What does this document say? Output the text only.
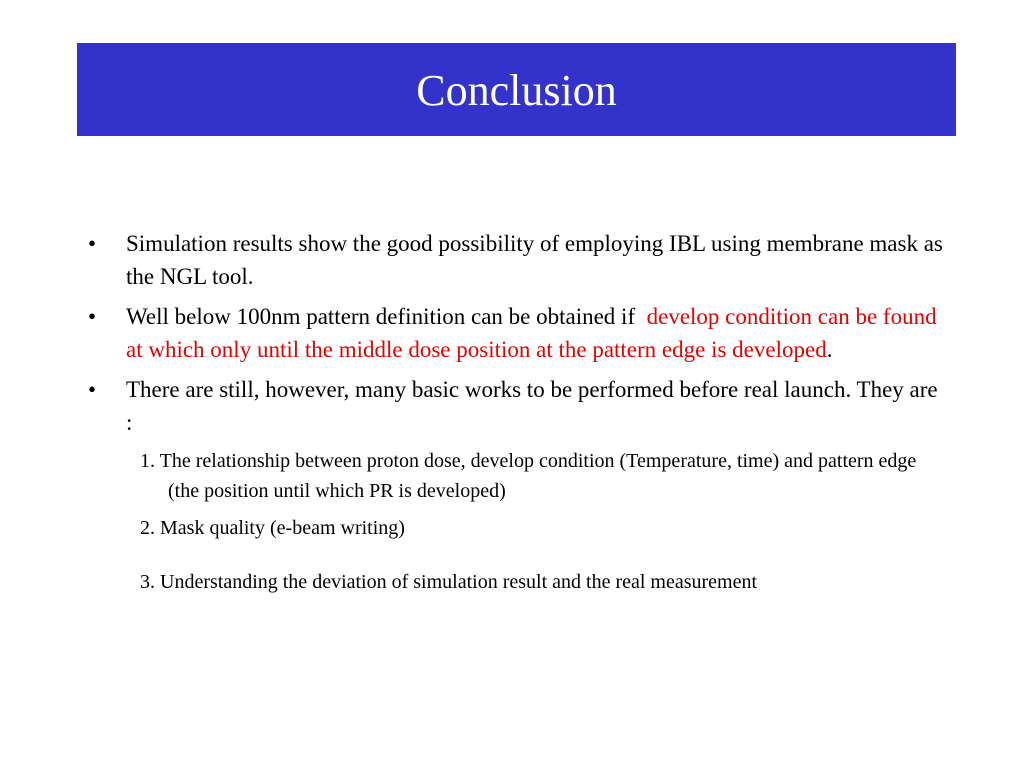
Conclusion
• Simulation results show the good possibility of employing IBL using membrane mask as the NGL tool.
• Well below 100nm pattern definition can be obtained if  develop condition can be found at which only until the middle dose position at the pattern edge is developed.
• There are still, however, many basic works to be performed before real launch. They are :
1. The relationship between proton dose, develop condition (Temperature, time) and pattern edge (the position until which PR is developed)
2. Mask quality (e-beam writing)
3. Understanding the deviation of simulation result and the real measurement
